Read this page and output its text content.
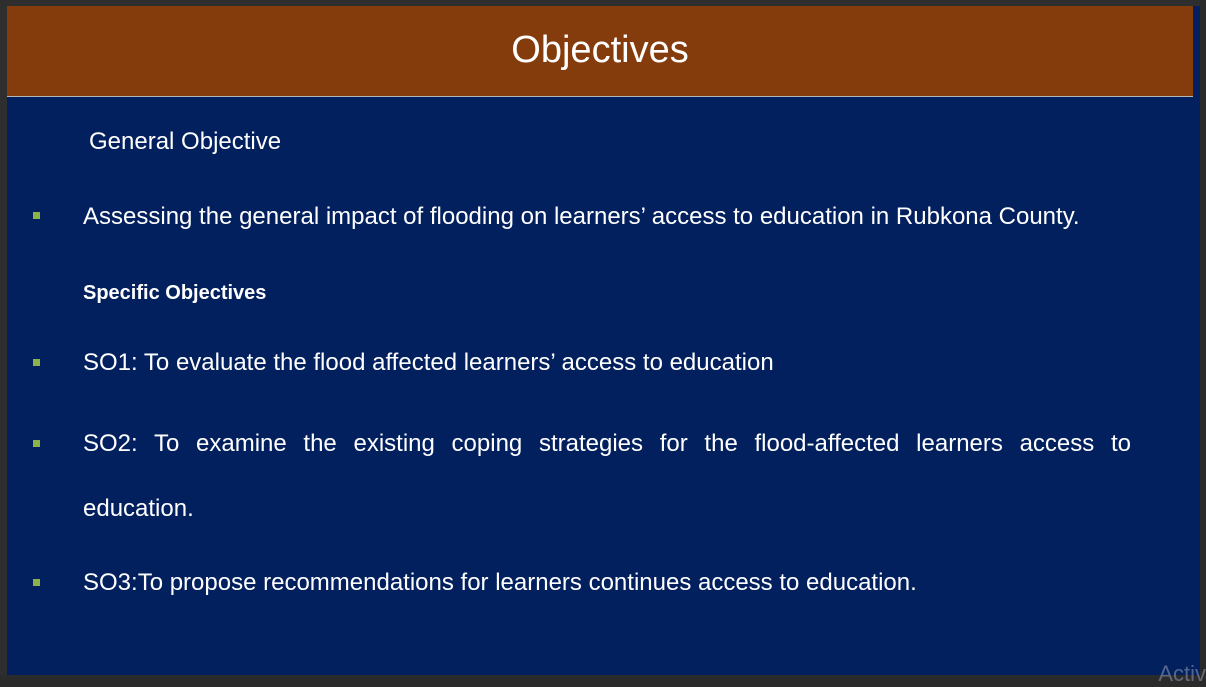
Objectives
General Objective
Assessing the general impact of flooding on learners’ access to education in Rubkona County.
Specific Objectives
SO1: To evaluate the flood affected learners’ access to education
SO2: To examine the existing coping strategies for the flood-affected learners access to
education.
SO3:To propose recommendations for learners continues access to education.
Activ
